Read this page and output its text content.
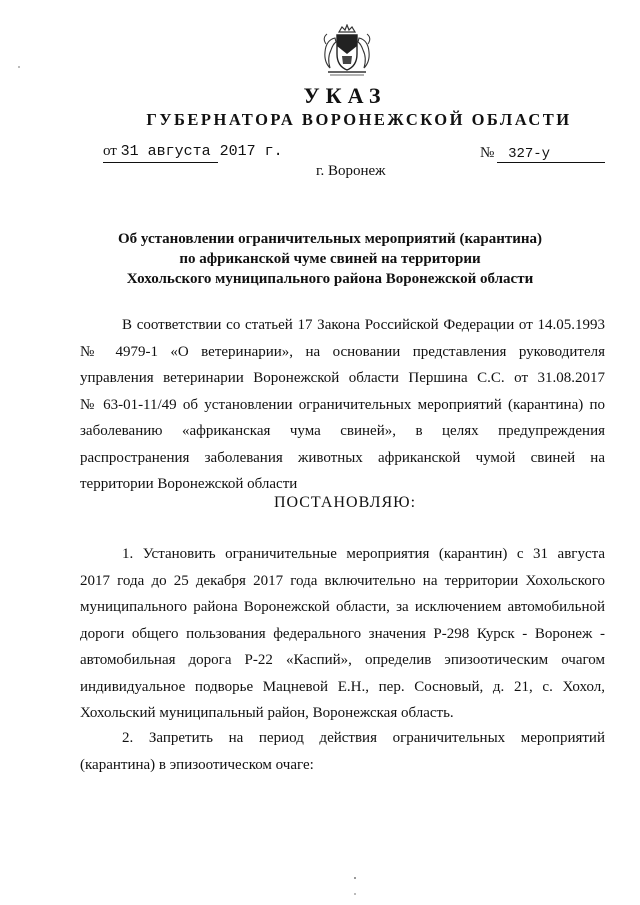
УКАЗ
ГУБЕРНАТОРА ВОРОНЕЖСКОЙ ОБЛАСТИ
от 31 августа 2017 г.	№ 327-у
г. Воронеж
Об установлении ограничительных мероприятий (карантина)
по африканской чуме свиней на территории
Хохольского муниципального района Воронежской области
В соответствии со статьей 17 Закона Российской Федерации от 14.05.1993
№ 4979-1 «О ветеринарии», на основании представления руководителя
управления ветеринарии Воронежской области Першина С.С. от 31.08.2017
№ 63-01-11/49 об установлении ограничительных мероприятий (карантина) по
заболеванию «африканская чума свиней», в целях предупреждения
распространения заболевания животных африканской чумой свиней на
территории Воронежской области
ПОСТАНОВЛЯЮ:
1. Установить ограничительные мероприятия (карантин) с 31 августа
2017 года до 25 декабря 2017 года включительно на территории Хохольского
муниципального района Воронежской области, за исключением автомобильной
дороги общего пользования федерального значения Р-298 Курск - Воронеж -
автомобильная дорога Р-22 «Каспий», определив эпизоотическим очагом
индивидуальное подворье Мацневой Е.Н., пер. Сосновый, д. 21, с. Хохол,
Хохольский муниципальный район, Воронежская область.
2. Запретить на период действия ограничительных мероприятий
(карантина) в эпизоотическом очаге:
